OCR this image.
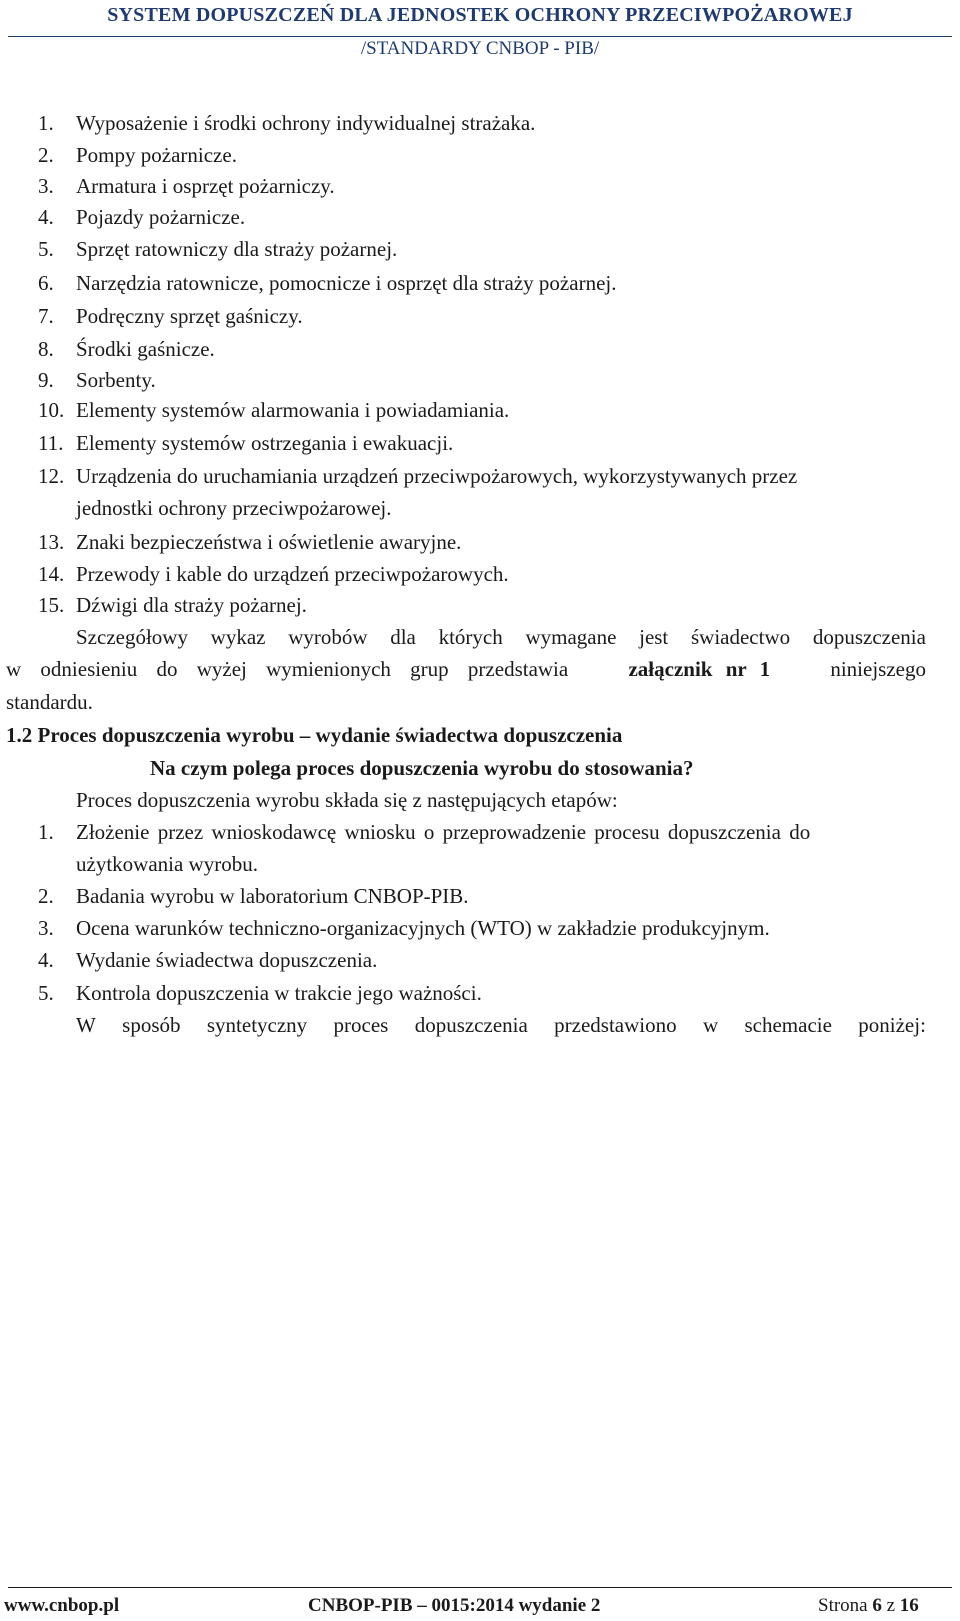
SYSTEM DOPUSZCZEŃ DLA JEDNOSTEK OCHRONY PRZECIWPOŻAROWEJ
/STANDARDY CNBOP - PIB/
1. Wyposażenie i środki ochrony indywidualnej strażaka.
2. Pompy pożarnicze.
3. Armatura i osprzęt pożarniczy.
4. Pojazdy pożarnicze.
5. Sprzęt ratowniczy dla straży pożarnej.
6. Narzędzia ratownicze, pomocnicze i osprzęt dla straży pożarnej.
7. Podręczny sprzęt gaśniczy.
8. Środki gaśnicze.
9. Sorbenty.
10. Elementy systemów alarmowania i powiadamiania.
11. Elementy systemów ostrzegania i ewakuacji.
12. Urządzenia do uruchamiania urządzeń przeciwpożarowych, wykorzystywanych przez
jednostki ochrony przeciwpożarowej.
13. Znaki bezpieczeństwa i oświetlenie awaryjne.
14. Przewody i kable do urządzeń przeciwpożarowych.
15. Dźwigi dla straży pożarnej.
Szczegółowy wykaz wyrobów dla których wymagane jest świadectwo dopuszczenia
w odniesieniu do wyżej wymienionych grup przedstawia	załącznik nr 1	niniejszego
standardu.
1.2 Proces dopuszczenia wyrobu – wydanie świadectwa dopuszczenia
Na czym polega proces dopuszczenia wyrobu do stosowania?
Proces dopuszczenia wyrobu składa się z następujących etapów:
1. Złożenie przez wnioskodawcę wniosku o przeprowadzenie procesu dopuszczenia do
użytkowania wyrobu.
2. Badania wyrobu w laboratorium CNBOP-PIB.
3. Ocena warunków techniczno-organizacyjnych (WTO) w zakładzie produkcyjnym.
4. Wydanie świadectwa dopuszczenia.
5. Kontrola dopuszczenia w trakcie jego ważności.
W sposób syntetyczny proces dopuszczenia przedstawiono w schemacie poniżej:
www.cnbop.pl	CNBOP-PIB – 0015:2014 wydanie 2	Strona 6 z 16
